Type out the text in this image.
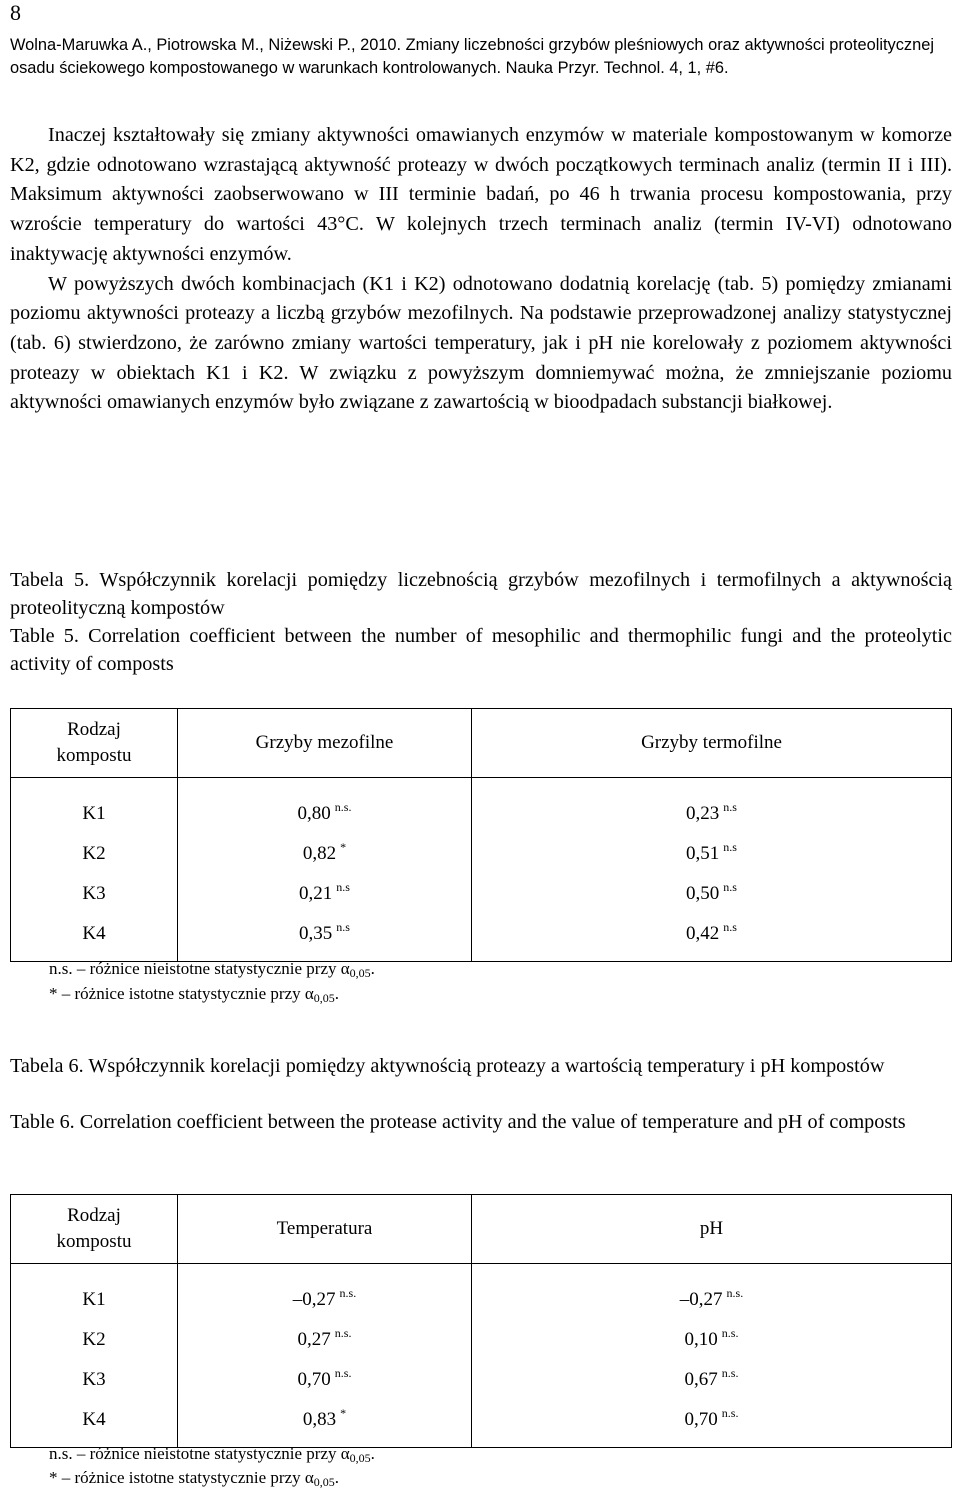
8
Wolna-Maruwka A., Piotrowska M., Niżewski P., 2010. Zmiany liczebności grzybów pleśniowych oraz aktywności proteolitycznej osadu ściekowego kompostowanego w warunkach kontrolowanych. Nauka Przyr. Technol. 4, 1, #6.

Inaczej kształtowały się zmiany aktywności omawianych enzymów w materiale kompostowanym w komorze K2, gdzie odnotowano wzrastającą aktywność proteazy w dwóch początkowych terminach analiz (termin II i III). Maksimum aktywności zaobserwowano w III terminie badań, po 46 h trwania procesu kompostowania, przy wzroście temperatury do wartości 43°C. W kolejnych trzech terminach analiz (termin IV-VI) odnotowano inaktywację aktywności enzymów.

W powyższych dwóch kombinacjach (K1 i K2) odnotowano dodatnią korelację (tab. 5) pomiędzy zmianami poziomu aktywności proteazy a liczbą grzybów mezofilnych. Na podstawie przeprowadzonej analizy statystycznej (tab. 6) stwierdzono, że zarówno zmiany wartości temperatury, jak i pH nie korelowały z poziomem aktywności proteazy w obiektach K1 i K2. W związku z powyższym domniemywać można, że zmniejszanie poziomu aktywności omawianych enzymów było związane z zawartością w bioodpadach substancji białkowej.

Tabela 5. Współczynnik korelacji pomiędzy liczebnością grzybów mezofilnych i termofilnych a aktywnością proteolityczną kompostów
Table 5. Correlation coefficient between the number of mesophilic and thermophilic fungi and the proteolytic activity of composts
Rodzaj kompostu	Grzyby mezofilne	Grzyby termofilne

K1	0,80 $^{n.s.}$	0,23 $^{n.s}$
K2	0,82 *	0,51 $^{n.s}$
K3	0,21 $^{n.s}$	0,50 $^{n.s}$
K4	0,35 $^{n.s}$	0,42 $^{n.s}$

n.s. – różnice nieistotne statystycznie przy α0,05.
* – różnice istotne statystycznie przy α0,05.
Tabela 6. Współczynnik korelacji pomiędzy aktywnością proteazy a wartością temperatury i pH kompostów
Table 6. Correlation coefficient between the protease activity and the value of temperature and pH of composts
Rodzaj kompostu	Temperatura	pH

K1	–0,27 $^{n.s.}$	–0,27 $^{n.s.}$
K2	0,27 $^{n.s.}$	0,10 $^{n.s.}$
K3	0,70 $^{n.s.}$	0,67 $^{n.s.}$
K4	0,83 *	0,70 $^{n.s.}$

n.s. – różnice nieistotne statystycznie przy α0,05.
* – różnice istotne statystycznie przy α0,05.
